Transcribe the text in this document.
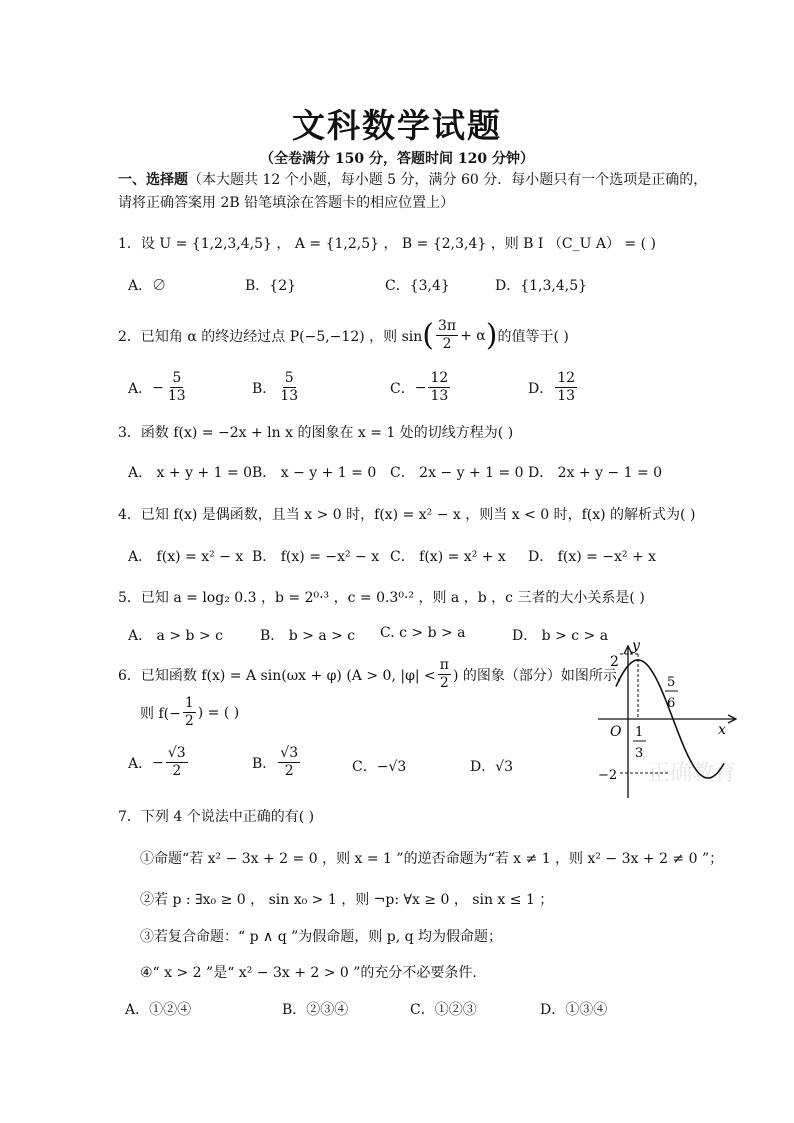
文科数学试题
（全卷满分 150 分，答题时间 120 分钟）
一、选择题（本大题共 12 个小题，每小题 5 分，满分 60 分．每小题只有一个选项是正确的，
请将正确答案用 2B 铅笔填涂在答题卡的相应位置上）
1．设 U = {1,2,3,4,5} ， A = {1,2,5} ， B = {2,3,4} ，则 B I （C_U A） = ( )
A．∅	B．{2}	C．{3,4}	D．{1,3,4,5}
2．已知角 α 的终边经过点 P(−5,−12) ，则 sin ( $\frac{3\pi}{2} + \alpha$ ) 的值等于( )
A． − $\frac{5}{13}$	B． $\frac{5}{13}$	C． − $\frac{12}{13}$	D． $\frac{12}{13}$
3．函数 f(x) = −2x + ln x 的图象在 x = 1 处的切线方程为( )
A． x + y + 1 = 0 B． x − y + 1 = 0 C． 2x − y + 1 = 0 D． 2x + y − 1 = 0
4．已知 f(x) 是偶函数，且当 x > 0 时，f(x) = x² − x ，则当 x < 0 时，f(x) 的解析式为( )
A． f(x) = x² − x B． f(x) = −x² − x C． f(x) = x² + x D． f(x) = −x² + x
5．已知 a = log₂ 0.3 ，b = 2⁰·³ ，c = 0.3⁰·² ，则 a ，b ，c 三者的大小关系是( )
A． a > b > c	B． b > a > c C. c > b > a	D． b > c > a
6．已知函数 f(x) = A sin(ωx + φ) (A > 0, $|\varphi| < \frac{\pi}{2}$ ) 的图象（部分）如图所示，
则 $f(- \frac{1}{2}$ ) = ( )
A． − $\frac{√3}{2}$	B． $\frac{√3}{2}$	C．−√3	D．√3	正确教育
y
x
O
2
−2
1
3
5
6
7．下列 4 个说法中正确的有( )
①命题“若 x² − 3x + 2 = 0 ，则 x = 1 ”的逆否命题为“若 x ≠ 1 ，则 x² − 3x + 2 ≠ 0 ”；
②若 p : ∃x₀ ≥ 0 ， sin x₀ > 1 ，则 ¬p: ∀x ≥ 0 ， sin x ≤ 1 ；
③若复合命题：“ p ∧ q ”为假命题，则 p, q 均为假命题；
④“ x > 2 ”是“ x² − 3x + 2 > 0 ”的充分不必要条件.
A．①②④	B．②③④	C．①②③	D．①③④
